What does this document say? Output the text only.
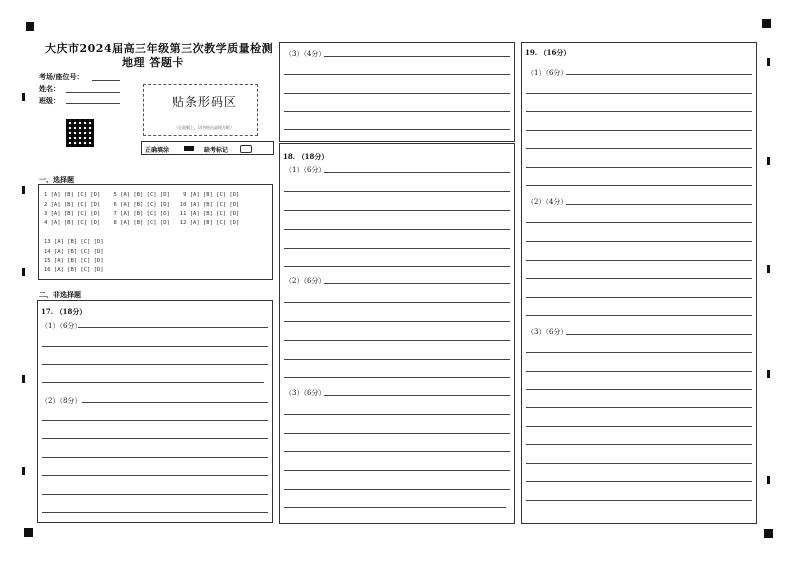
大庆市2024届高三年级第三次教学质量检测
地理 答题卡
考场/座位号：
姓名：
班级：	贴条形码区
（正面朝上，切勿贴出虚线方框）
正确填涂	缺考标记
一、选择题
1 [A] [B] [C] [D]    5 [A] [B] [C] [D]    9 [A] [B] [C] [D]
2 [A] [B] [C] [D]    6 [A] [B] [C] [D]   10 [A] [B] [C] [D]
3 [A] [B] [C] [D]    7 [A] [B] [C] [D]   11 [A] [B] [C] [D]
4 [A] [B] [C] [D]    8 [A] [B] [C] [D]   12 [A] [B] [C] [D]
13 [A] [B] [C] [D]
14 [A] [B] [C] [D]
15 [A] [B] [C] [D]
16 [A] [B] [C] [D]
二、非选择题
17. （18分）
（1）（6分）
（2）（8分）
（3）（4分）
18. （18分）
（1）（6分）
（2）（6分）
（3）（6分）
19. （16分）
（1）（6分）
（2）（4分）
（3）（6分）
